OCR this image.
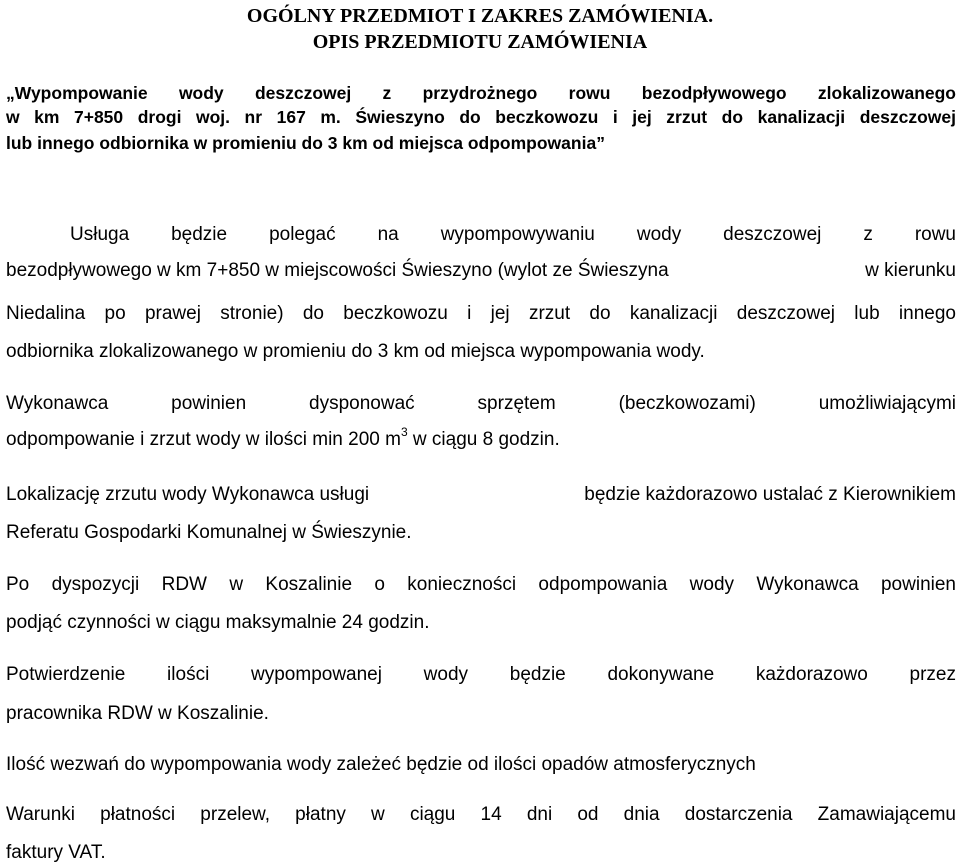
OGÓLNY PRZEDMIOT I ZAKRES ZAMÓWIENIA.
OPIS PRZEDMIOTU ZAMÓWIENIA
„Wypompowanie wody deszczowej z przydrożnego rowu bezodpływowego zlokalizowanego
w km 7+850 drogi woj. nr 167 m. Świeszyno do beczkowozu i jej zrzut do kanalizacji deszczowej
lub innego odbiornika w promieniu do 3 km od miejsca odpompowania”
Usługa będzie polegać na wypompowywaniu wody deszczowej z rowu
bezodpływowego w km 7+850 w miejscowości Świeszyno (wylot ze Świeszyna	w kierunku
Niedalina po prawej stronie) do beczkowozu i jej zrzut do kanalizacji deszczowej lub innego
odbiornika zlokalizowanego w promieniu do 3 km od miejsca wypompowania wody.
Wykonawca powinien dysponować sprzętem (beczkowozami) umożliwiającymi
odpompowanie i zrzut wody w ilości min 200 $m^3$ w ciągu 8 godzin.
Lokalizację zrzutu wody Wykonawca usługi	będzie każdorazowo ustalać z Kierownikiem
Referatu Gospodarki Komunalnej w Świeszynie.
Po dyspozycji RDW w Koszalinie o konieczności odpompowania wody Wykonawca powinien
podjąć czynności w ciągu maksymalnie 24 godzin.
Potwierdzenie ilości wypompowanej wody będzie dokonywane każdorazowo przez
pracownika RDW w Koszalinie.
Ilość wezwań do wypompowania wody zależeć będzie od ilości opadów atmosferycznych
Warunki płatności przelew, płatny w ciągu 14 dni od dnia dostarczenia Zamawiającemu
faktury VAT.
